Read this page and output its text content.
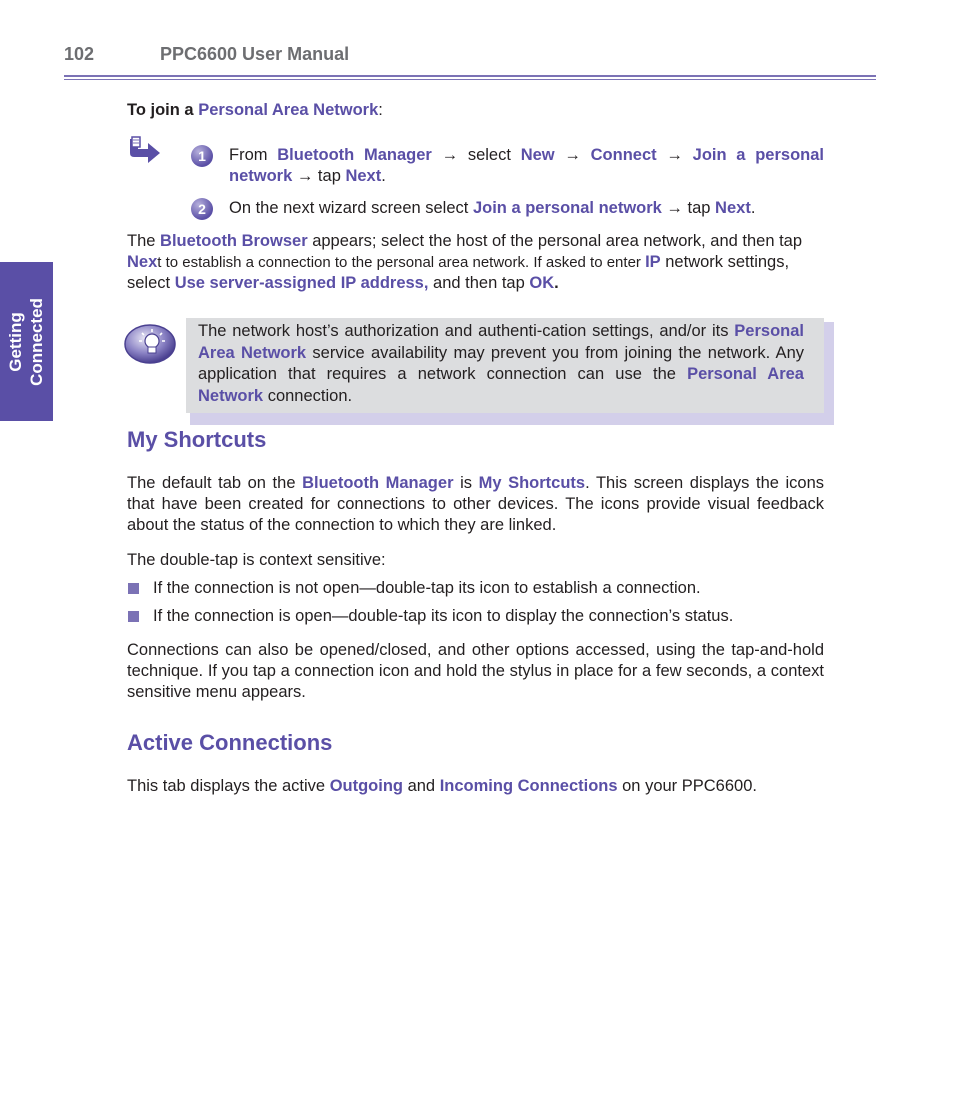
102	PPC6600 User Manual
Getting Connected

To join a Personal Area Network:

1	From Bluetooth Manager → select New → Connect → Join a personal network → tap Next.

2	On the next wizard screen select Join a personal network → tap Next.

The Bluetooth Browser appears; select the host of the personal area network, and then tap Next to establish a connection to the personal area network. If asked to enter IP network settings, select Use server-assigned IP address, and then tap OK.

The network host’s authorization and authenti-cation settings, and/or its Personal Area Network service availability may prevent you from joining the network. Any application that requires a network connection can use the Personal Area Network connection.
My Shortcuts

The default tab on the Bluetooth Manager is My Shortcuts. This screen displays the icons that have been created for connections to other devices. The icons provide visual feedback about the status of the connection to which they are linked.

The double-tap is context sensitive:

If the connection is not open—double-tap its icon to establish a connection.

If the connection is open—double-tap its icon to display the connection’s status.

Connections can also be opened/closed, and other options accessed, using the tap-and-hold technique. If you tap a connection icon and hold the stylus in place for a few seconds, a context sensitive menu appears.

Active Connections

This tab displays the active Outgoing and Incoming Connections on your PPC6600.
